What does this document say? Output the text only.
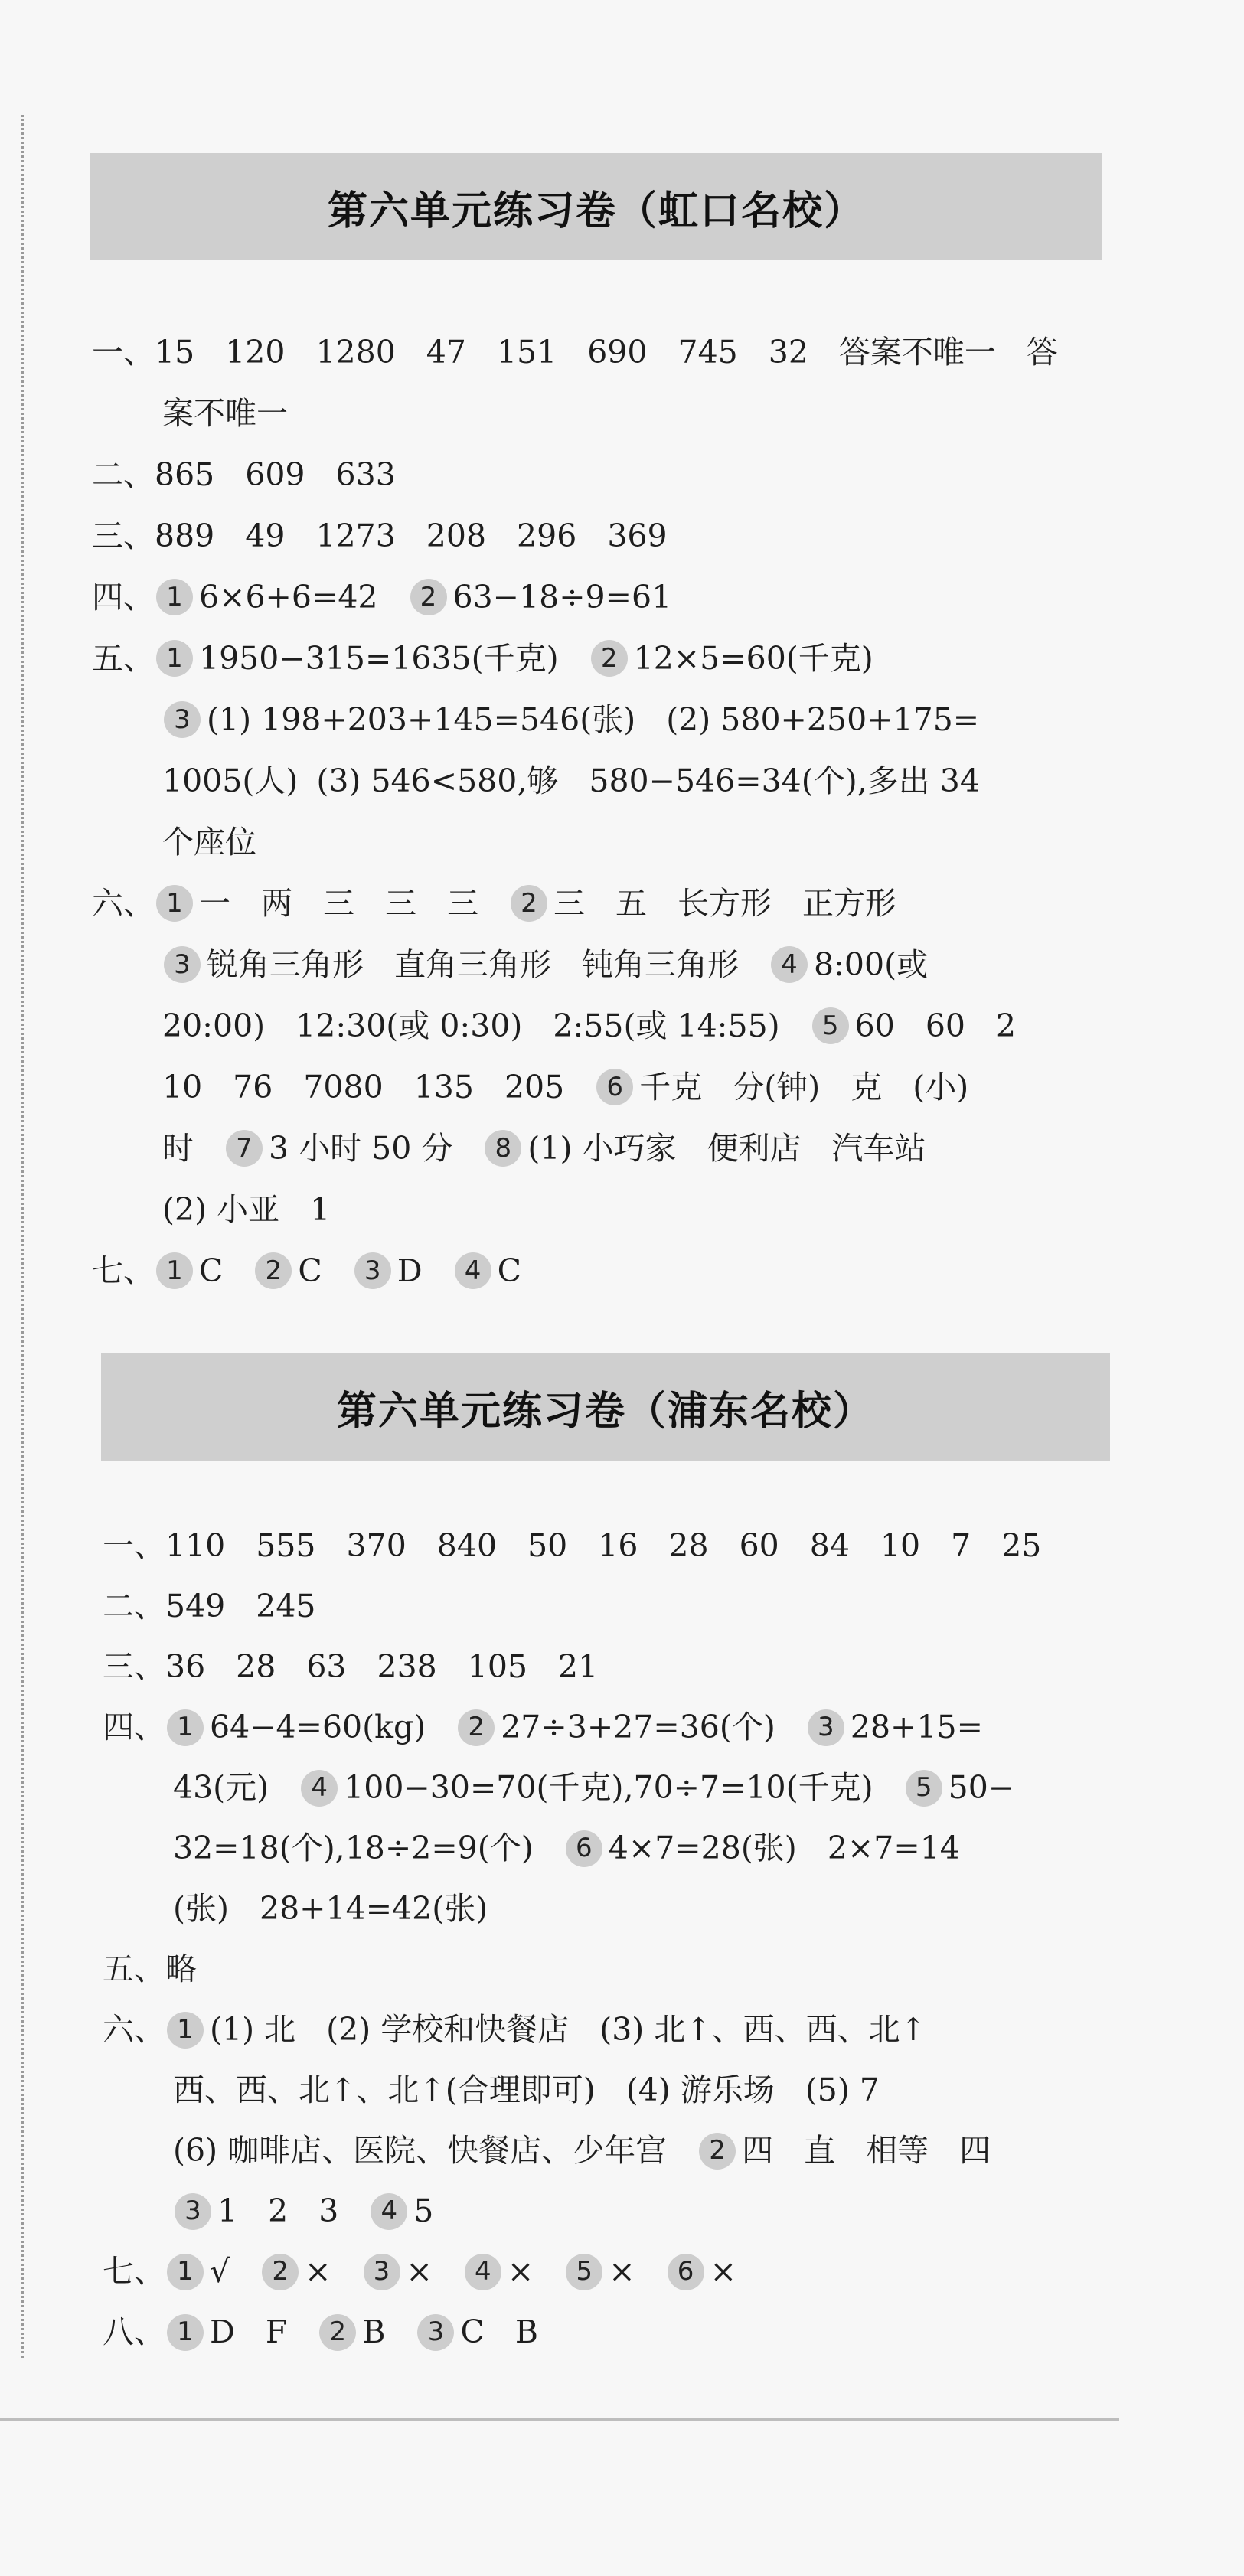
第六单元练习卷（虹口名校）
一、 15 120 1280 47 151 690 745 32 答案不唯一 答
案不唯一
二、 865 609 633
三、 889 49 1273 208 296 369
四、 1 6×6+6=42	2 63−18÷9=61
五、 1 1950−315=1635(千克)	2 12×5=60(千克)
3 (1) 198+203+145=546(张) (2) 580+250+175=
1005(人) (3) 546<580,够 580−546=34(个),多出 34
个座位
六、 1 一 两 三 三 三	2 三 五 长方形 正方形
3 锐角三角形 直角三角形 钝角三角形	4 8:00(或
20:00) 12:30(或 0:30) 2:55(或 14:55)	5 60 60 2
10 76 7080 135 205	6 千克 分(钟) 克 (小)
时	7 3 小时 50 分	8 (1) 小巧家 便利店 汽车站
(2) 小亚 1
七、 1 C	2 C	3 D	4 C
第六单元练习卷（浦东名校）
一、 110 555 370 840 50 16 28 60 84 10 7 25
二、 549 245
三、 36 28 63 238 105 21
四、 1 64−4=60(kg)	2 27÷3+27=36(个)	3 28+15=
43(元)	4 100−30=70(千克),70÷7=10(千克)	5 50−
32=18(个),18÷2=9(个)	6 4×7=28(张) 2×7=14
(张) 28+14=42(张)
五、 略
六、 1 (1) 北 (2) 学校和快餐店 (3) 北↑、西、西、北↑
西、西、北↑、北↑(合理即可) (4) 游乐场 (5) 7
(6) 咖啡店、医院、快餐店、少年宫	2 四 直 相等 四
3 1 2 3	4 5
七、 1 √	2 ×	3 ×	4 ×	5 ×	6 ×
八、 1 D F	2 B	3 C B
